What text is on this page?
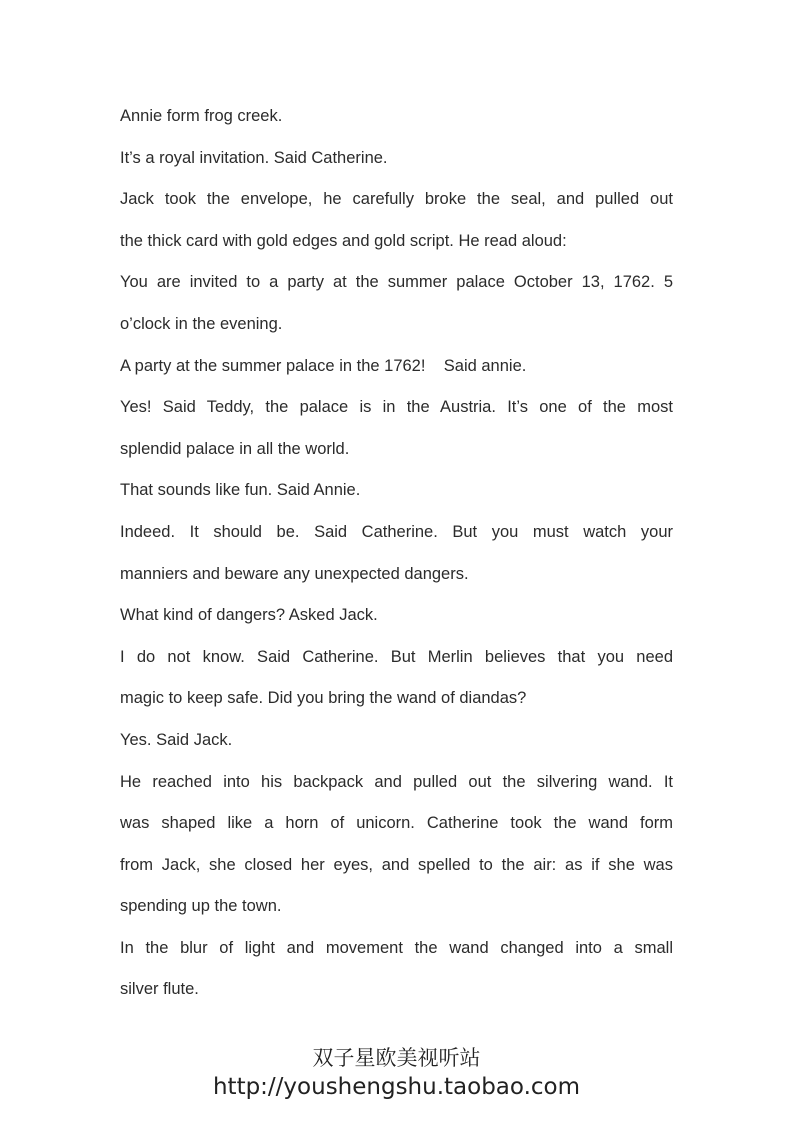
Annie form frog creek.
It’s a royal invitation. Said Catherine.
Jack took the envelope, he carefully broke the seal, and pulled out
the thick card with gold edges and gold script. He read aloud:
You are invited to a party at the summer palace October 13, 1762. 5
o’clock in the evening.
A party at the summer palace in the 1762!    Said annie.
Yes! Said Teddy, the palace is in the Austria. It’s one of the most
splendid palace in all the world.
That sounds like fun. Said Annie.
Indeed. It should be. Said Catherine. But you must watch your
manniers and beware any unexpected dangers.
What kind of dangers? Asked Jack.
I do not know. Said Catherine. But Merlin believes that you need
magic to keep safe. Did you bring the wand of diandas?
Yes. Said Jack.
He reached into his backpack and pulled out the silvering wand. It
was shaped like a horn of unicorn. Catherine took the wand form
from Jack, she closed her eyes, and spelled to the air: as if she was
spending up the town.
In the blur of light and movement the wand changed into a small
silver flute.
双子星欧美视听站
http://youshengshu.taobao.com
